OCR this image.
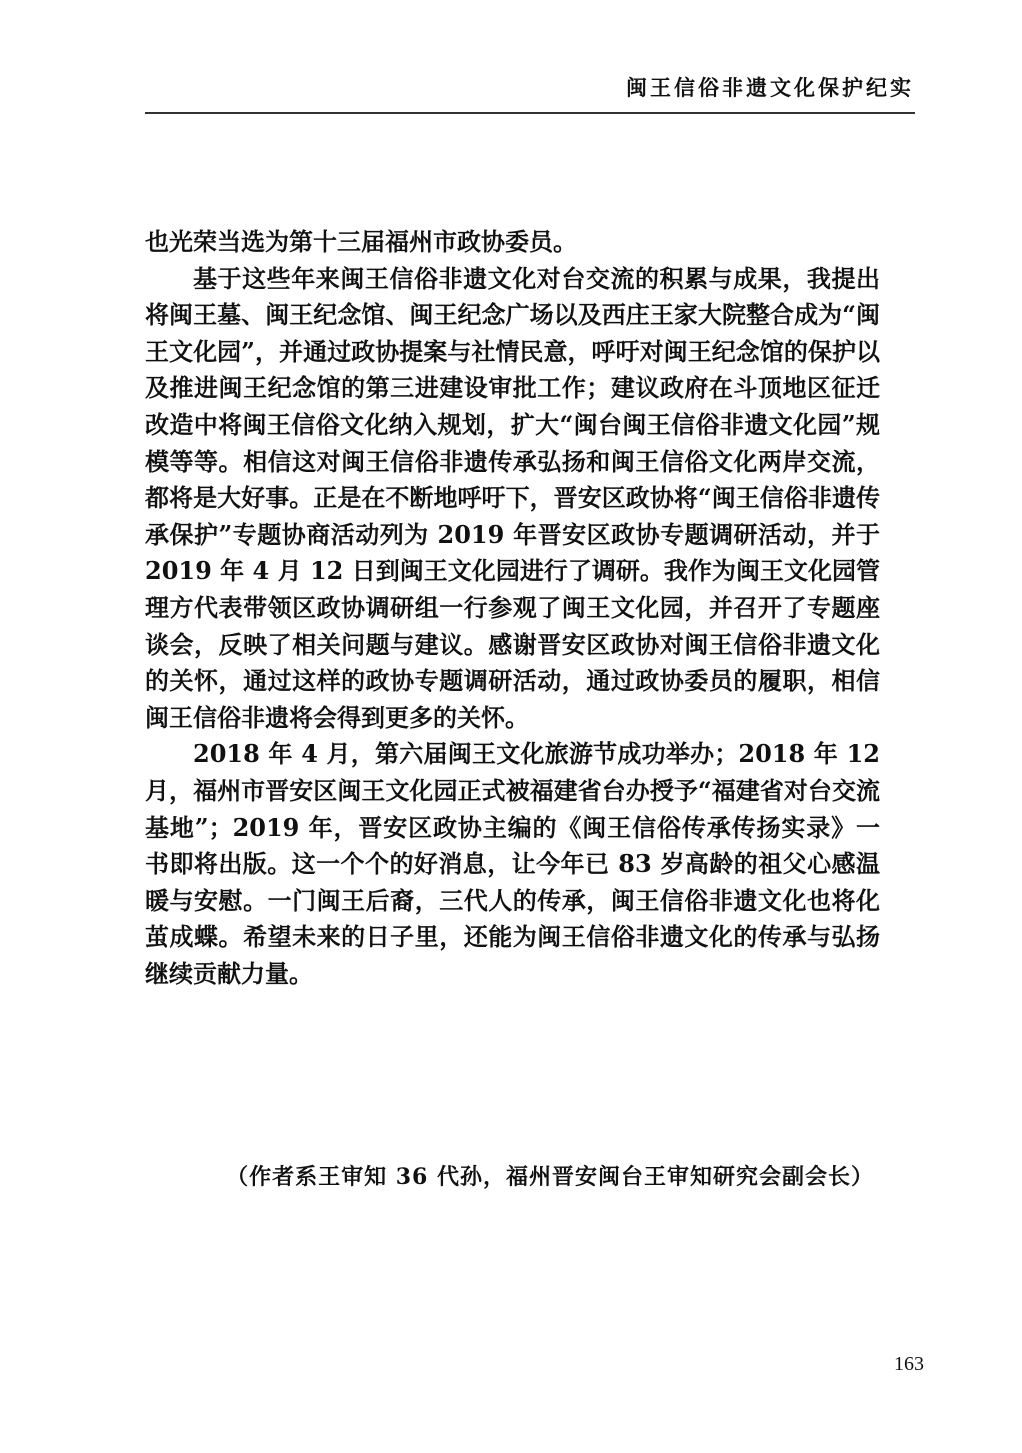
闽王信俗非遗文化保护纪实

也光荣当选为第十三届福州市政协委员。

基于这些年来闽王信俗非遗文化对台交流的积累与成果，我提出将闽王墓、闽王纪念馆、闽王纪念广场以及西庄王家大院整合成为“闽王文化园”，并通过政协提案与社情民意，呼吁对闽王纪念馆的保护以及推进闽王纪念馆的第三进建设审批工作；建议政府在斗顶地区征迁改造中将闽王信俗文化纳入规划，扩大“闽台闽王信俗非遗文化园”规模等等。相信这对闽王信俗非遗传承弘扬和闽王信俗文化两岸交流，都将是大好事。正是在不断地呼吁下，晋安区政协将“闽王信俗非遗传承保护”专题协商活动列为 2019 年晋安区政协专题调研活动，并于 2019 年 4 月 12 日到闽王文化园进行了调研。我作为闽王文化园管理方代表带领区政协调研组一行参观了闽王文化园，并召开了专题座谈会，反映了相关问题与建议。感谢晋安区政协对闽王信俗非遗文化的关怀，通过这样的政协专题调研活动，通过政协委员的履职，相信闽王信俗非遗将会得到更多的关怀。

2018 年 4 月，第六届闽王文化旅游节成功举办；2018 年 12 月，福州市晋安区闽王文化园正式被福建省台办授予“福建省对台交流基地”；2019 年，晋安区政协主编的《闽王信俗传承传扬实录》一书即将出版。这一个个的好消息，让今年已 83 岁高龄的祖父心感温暖与安慰。一门闽王后裔，三代人的传承，闽王信俗非遗文化也将化茧成蝶。希望未来的日子里，还能为闽王信俗非遗文化的传承与弘扬继续贡献力量。

（作者系王审知 36 代孙，福州晋安闽台王审知研究会副会长）
163
